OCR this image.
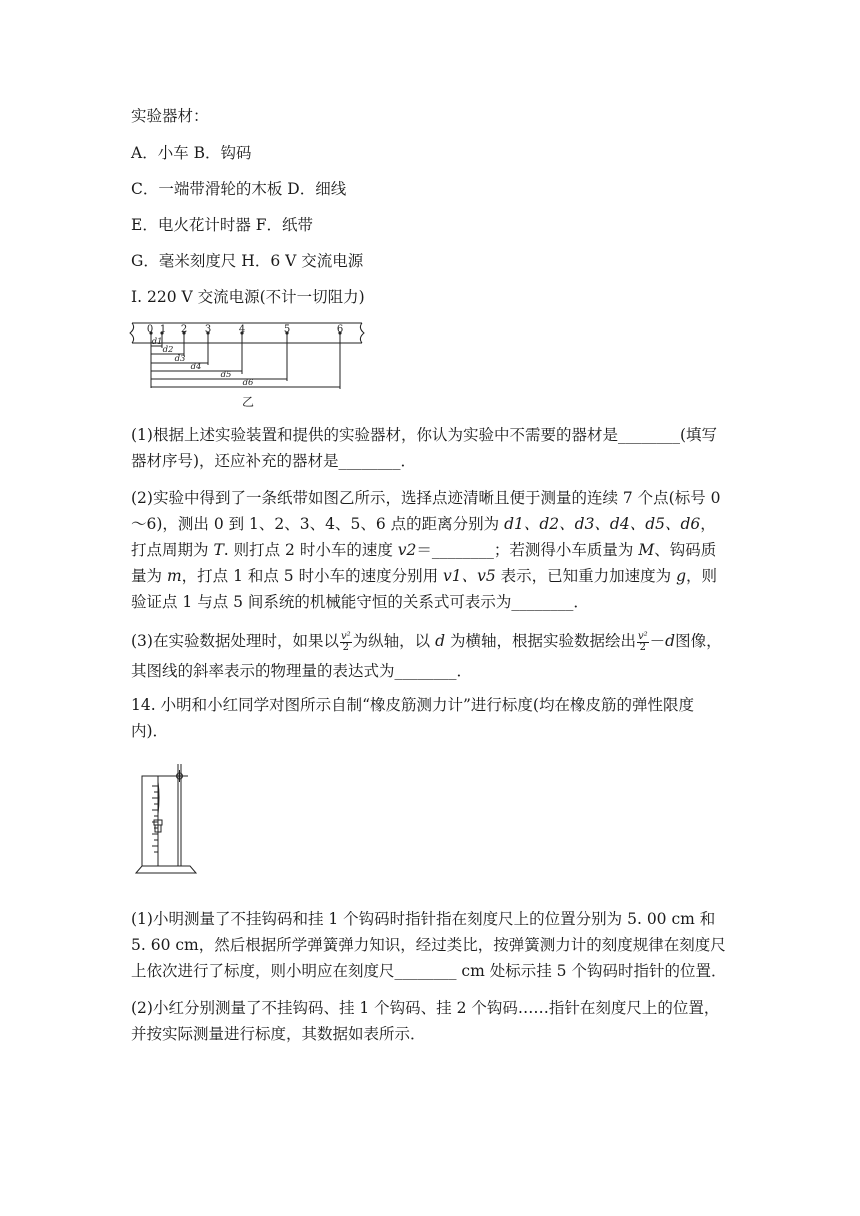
实验器材：
A．小车 B．钩码
C．一端带滑轮的木板 D．细线
E．电火花计时器 F．纸带
G．毫米刻度尺 H．6 V 交流电源
I. 220 V 交流电源(不计一切阻力)
0 1 2 3	4	5	6
d1
d2
d3
d4
d5
d6
乙

(1)根据上述实验装置和提供的实验器材，你认为实验中不需要的器材是________(填写器材序号)，还应补充的器材是________．

(2)实验中得到了一条纸带如图乙所示，选择点迹清晰且便于测量的连续 7 个点(标号 0～6)，测出 0 到 1、2、3、4、5、6 点的距离分别为 d1、d2、d3、d4、d5、d6，打点周期为 T. 则打点 2 时小车的速度 v2＝________；若测得小车质量为 M、钩码质量为 m，打点 1 和点 5 时小车的速度分别用 v1、v5 表示，已知重力加速度为 g，则验证点 1 与点 5 间系统的机械能守恒的关系式可表示为________．

(3)在实验数据处理时，如果以 $\frac{\text{v²}}{2}$ 为纵轴，以 d 为横轴，根据实验数据绘出 $\frac{\text{v²}}{2} -d$图像，其图线的斜率表示的物理量的表达式为________．

14. 小明和小红同学对图所示自制“橡皮筋测力计”进行标度(均在橡皮筋的弹性限度内)．

(1)小明测量了不挂钩码和挂 1 个钩码时指针指在刻度尺上的位置分别为 5. 00 cm 和 5. 60 cm，然后根据所学弹簧弹力知识，经过类比，按弹簧测力计的刻度规律在刻度尺上依次进行了标度，则小明应在刻度尺________ cm 处标示挂 5 个钩码时指针的位置．

(2)小红分别测量了不挂钩码、挂 1 个钩码、挂 2 个钩码……指针在刻度尺上的位置，并按实际测量进行标度，其数据如表所示．
